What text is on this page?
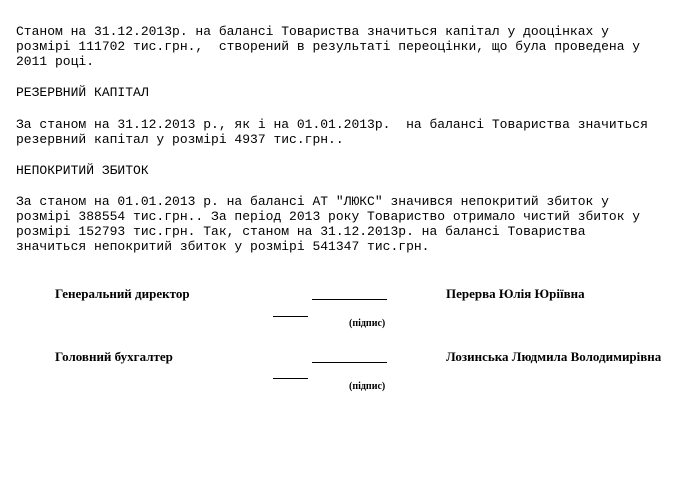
Станом на 31.12.2013р. на балансі Товариства значиться капітал у дооцінках у

розмірі 111702 тис.грн.,  створений в результаті переоцінки, що була проведена у

2011 році.

РЕЗЕРВНИЙ КАПІТАЛ

За станом на 31.12.2013 р., як і на 01.01.2013р.  на балансі Товариства значиться

резервний капітал у розмірі 4937 тис.грн..

НЕПОКРИТИЙ ЗБИТОК

За станом на 01.01.2013 р. на балансі АТ "ЛЮКС" значився непокритий збиток у

розмірі 388554 тис.грн.. За період 2013 року Товариство отримало чистий збиток у

розмірі 152793 тис.грн. Так, станом на 31.12.2013р. на балансі Товариства

значиться непокритий збиток у розмірі 541347 тис.грн.

Генеральний директор	Перерва Юлія Юріївна
(підпис)
Головний бухгалтер	Лозинська Людмила Володимирівна
(підпис)
